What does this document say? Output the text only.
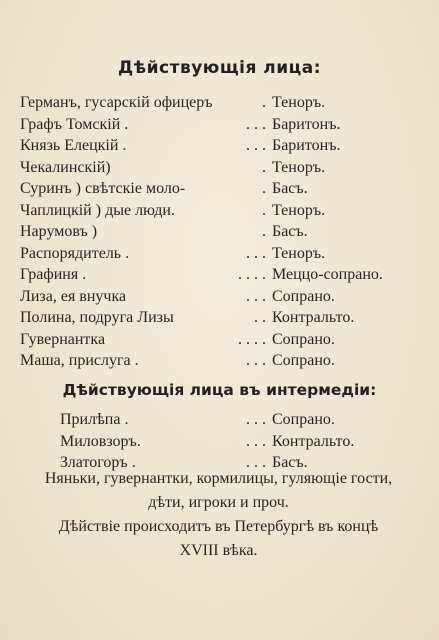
Дѣйствующія лица:
Германъ, гусарскій офицеръ	. Теноръ.
Графъ Томскій .	. . . Баритонъ.
Князь Елецкій .	. . . Баритонъ.
Чекалинскій)	. Теноръ.
Суринъ ) свѣтскіе моло-	. Басъ.
Чаплицкій ) дые люди.	. Теноръ.
Нарумовъ )	. Басъ.
Распорядитель .	. . . Теноръ.
Графиня .	. . . . Меццо-сопрано.
Лиза, ея внучка	. . . Сопрано.
Полина, подруга Лизы	. . Контральто.
Гувернантка	. . . . Сопрано.
Маша, прислуга .	. . . Сопрано.
Дѣйствующія лица въ интермедіи:
Прилѣпа .	. . . Сопрано.
Миловзоръ.	. . . Контральто.
Златогоръ .	. . . Басъ.
Няньки, гувернантки, кормилицы, гуляющіе гости,
дѣти, игроки и проч.
Дѣйствіе происходитъ въ Петербургѣ въ концѣ
XVIII вѣка.
